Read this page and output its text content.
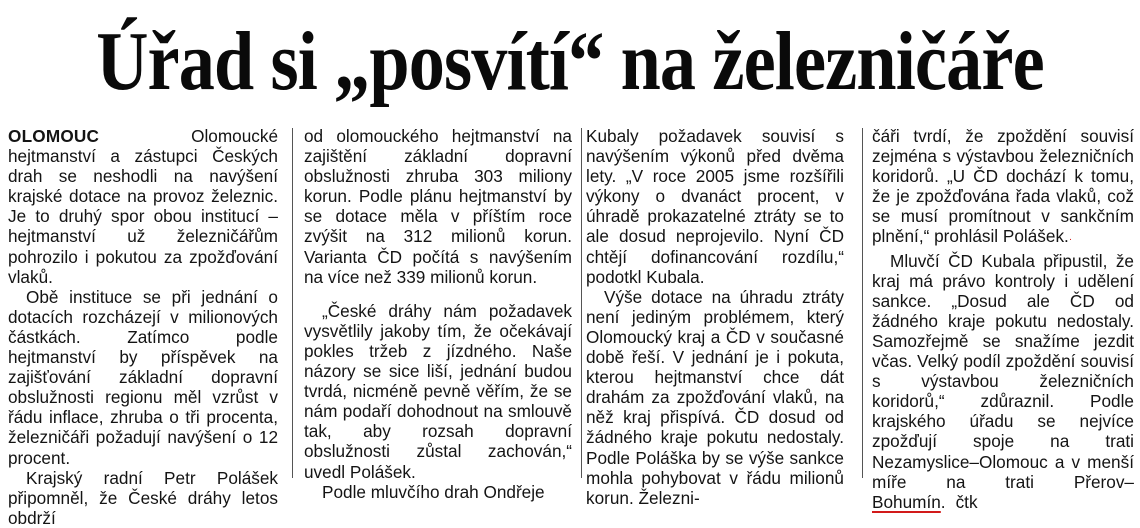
Úřad si „posvítí“ na železničáře

OLOMOUC Olomoucké hejtmanství a zástupci Českých drah se neshodli na navýšení krajské dotace na provoz železnic. Je to druhý spor obou institucí – hejtmanství už železničářům pohrozilo i pokutou za zpožďování vlaků.

Obě instituce se při jednání o dotacích rozcházejí v milionových částkách. Zatímco podle hejtmanství by příspěvek na zajišťování základní dopravní obslužnosti regionu měl vzrůst v řádu inflace, zhruba o tři procenta, železničáři požadují navýšení o 12 procent.

Krajský radní Petr Polášek připomněl, že České dráhy letos obdrží

od olomouckého hejtmanství na zajištění základní dopravní obslužnosti zhruba 303 miliony korun. Podle plánu hejtmanství by se dotace měla v příštím roce zvýšit na 312 milionů korun. Varianta ČD počítá s navýšením na více než 339 milionů korun.

„České dráhy nám požadavek vysvětlily jakoby tím, že očekávají pokles tržeb z jízdného. Naše názory se sice liší, jednání budou tvrdá, nicméně pevně věřím, že se nám podaří dohodnout na smlouvě tak, aby rozsah dopravní obslužnosti zůstal zachován,“ uvedl Polášek.

Podle mluvčího drah Ondřeje

Kubaly požadavek souvisí s navýšením výkonů před dvěma lety. „V roce 2005 jsme rozšířili výkony o dvanáct procent, v úhradě prokazatelné ztráty se to ale dosud neprojevilo. Nyní ČD chtějí dofinancování rozdílu,“ podotkl Kubala.

Výše dotace na úhradu ztráty není jediným problémem, který Olomoucký kraj a ČD v současné době řeší. V jednání je i pokuta, kterou hejtmanství chce dát drahám za zpožďování vlaků, na něž kraj přispívá. ČD dosud od žádného kraje pokutu nedostaly. Podle Poláška by se výše sankce mohla pohybovat v řádu milionů korun. Železni-

čáři tvrdí, že zpoždění souvisí zejména s výstavbou železničních koridorů. „U ČD dochází k tomu, že je zpožďována řada vlaků, což se musí promítnout v sankčním plnění,“ prohlásil Polášek.·

Mluvčí ČD Kubala připustil, že kraj má právo kontroly i udělení sankce. „Dosud ale ČD od žádného kraje pokutu nedostaly. Samozřejmě se snažíme jezdit včas. Velký podíl zpoždění souvisí s výstavbou železničních koridorů,“ zdůraznil. Podle krajského úřadu se nejvíce zpožďují spoje na trati Nezamyslice–Olomouc a v menší míře na trati Přerov–Bohumín. čtk
